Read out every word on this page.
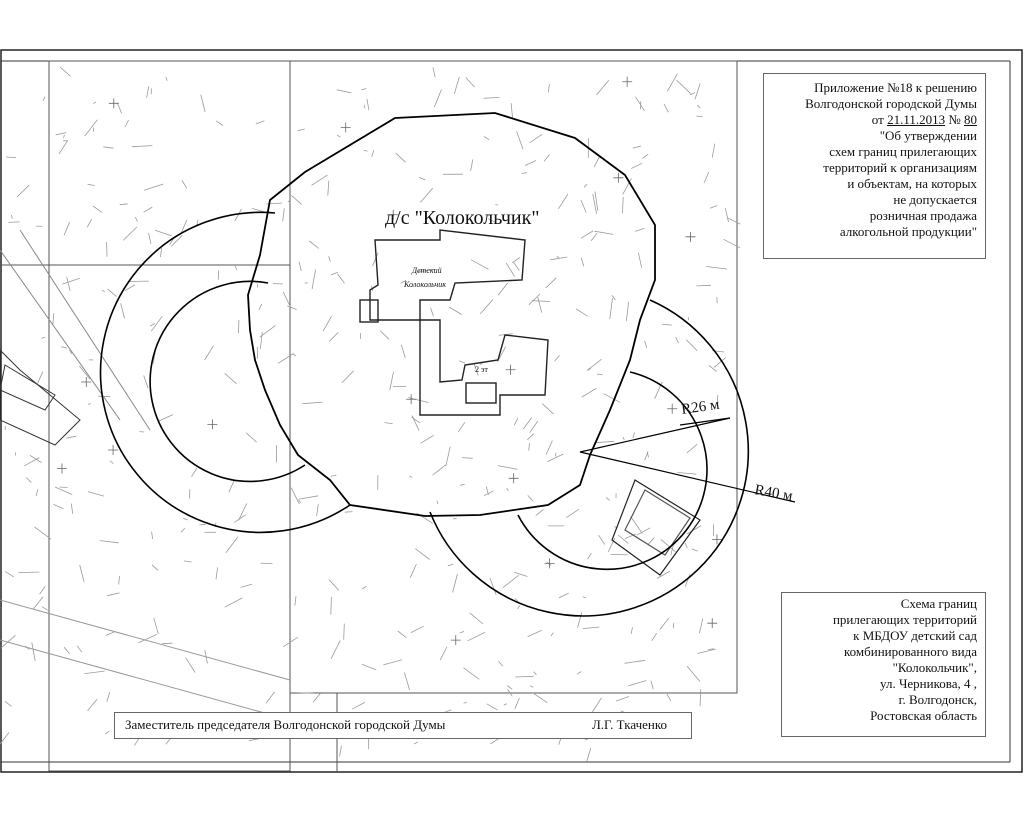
д/с "Колокольчик"
Детский
Колокольчик
2 эт
R26 м
R40 м
Приложение №18 к решению
Волгодонской городской Думы
от 21.11.2013 № 80
"Об утверждении
схем границ прилегающих
территорий к организациям
и объектам, на которых
не допускается
розничная продажа
алкогольной продукции"
Схема границ
прилегающих территорий
к МБДОУ детский сад
комбинированного вида
"Колокольчик",
ул. Черникова, 4 ,
г. Волгодонск,
Ростовская область
Заместитель председателя Волгодонской городской Думы	Л.Г. Ткаченко
